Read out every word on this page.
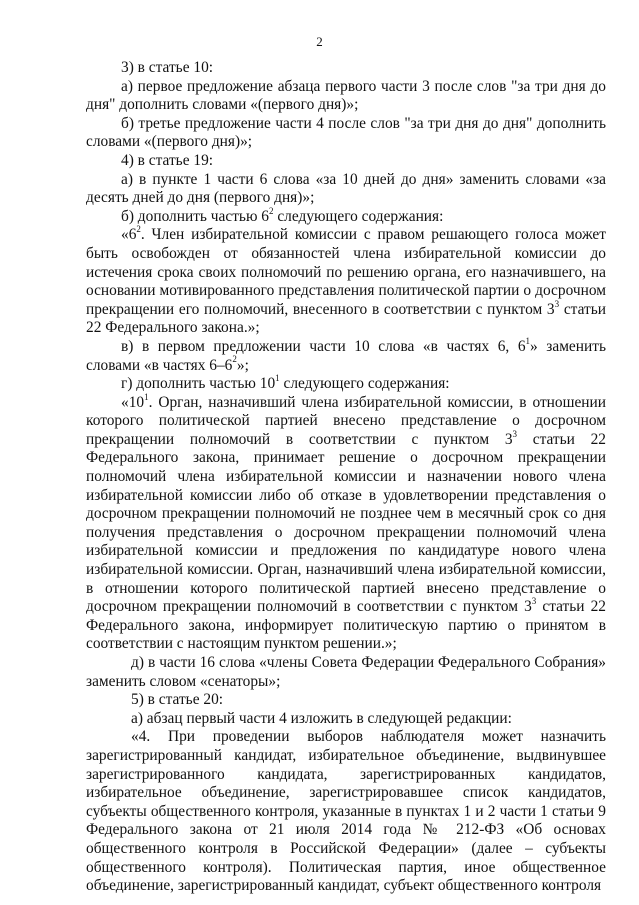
2

3) в статье 10:

а) первое предложение абзаца первого части 3 после слов "за три дня до дня" дополнить словами «(первого дня)»;

б) третье предложение части 4 после слов "за три дня до дня" дополнить словами «(первого дня)»;

4) в статье 19:

а) в пункте 1 части 6 слова «за 10 дней до дня» заменить словами «за десять дней до дня (первого дня)»;

б) дополнить частью $6^2$ следующего содержания:

«$6^2$. Член избирательной комиссии с правом решающего голоса может быть освобожден от обязанностей члена избирательной комиссии до истечения срока своих полномочий по решению органа, его назначившего, на основании мотивированного представления политической партии о досрочном прекращении его полномочий, внесенного в соответствии с пунктом $3^3$ статьи 22 Федерального закона.»;

в) в первом предложении части 10 слова «в частях 6, $6^1$» заменить словами «в частях $6-6^2$»;

г) дополнить частью $10^1$ следующего содержания:

«$10^1$. Орган, назначивший члена избирательной комиссии, в отношении которого политической партией внесено представление о досрочном прекращении полномочий в соответствии с пунктом $3^3$ статьи 22 Федерального закона, принимает решение о досрочном прекращении полномочий члена избирательной комиссии и назначении нового члена избирательной комиссии либо об отказе в удовлетворении представления о досрочном прекращении полномочий не позднее чем в месячный срок со дня получения представления о досрочном прекращении полномочий члена избирательной комиссии и предложения по кандидатуре нового члена избирательной комиссии. Орган, назначивший члена избирательной комиссии, в отношении которого политической партией внесено представление о досрочном прекращении полномочий в соответствии с пунктом $3^3$ статьи 22 Федерального закона, информирует политическую партию о принятом в соответствии с настоящим пунктом решении.»;

д) в части 16 слова «члены Совета Федерации Федерального Собрания» заменить словом «сенаторы»;

5) в статье 20:

а) абзац первый части 4 изложить в следующей редакции:

«4. При проведении выборов наблюдателя может назначить зарегистрированный кандидат, избирательное объединение, выдвинувшее зарегистрированного кандидата, зарегистрированных кандидатов, избирательное объединение, зарегистрировавшее список кандидатов, субъекты общественного контроля, указанные в пунктах 1 и 2 части 1 статьи 9 Федерального закона от 21 июля 2014 года № 212-ФЗ «Об основах общественного контроля в Российской Федерации» (далее – субъекты общественного контроля). Политическая партия, иное общественное объединение, зарегистрированный кандидат, субъект общественного контроля
